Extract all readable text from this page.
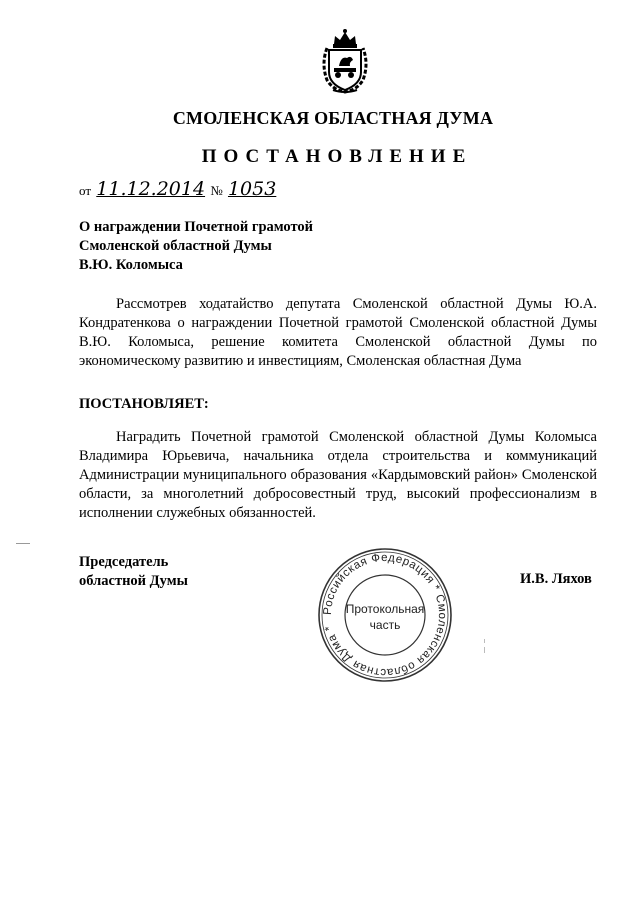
СМОЛЕНСКАЯ ОБЛАСТНАЯ ДУМА
ПОСТАНОВЛЕНИЕ
от 11.12.2014 № 1053
О награждении Почетной грамотой
Смоленской областной Думы
В.Ю. Коломыса
Рассмотрев ходатайство депутата Смоленской областной Думы Ю.А. Кондратенкова о награждении Почетной грамотой Смоленской областной Думы В.Ю. Коломыса, решение комитета Смоленской областной Думы по экономическому развитию и инвестициям, Смоленская областная Дума
ПОСТАНОВЛЯЕТ:
Наградить Почетной грамотой Смоленской областной Думы Коломыса Владимира Юрьевича, начальника отдела строительства и коммуникаций Администрации муниципального образования «Кардымовский район» Смоленской области, за многолетний добросовестный труд, высокий профессионализм в исполнении служебных обязанностей.
Председатель
областной Думы
Российская Федерация * Смоленская областная Дума *
Протокольная
часть
И.В. Ляхов
